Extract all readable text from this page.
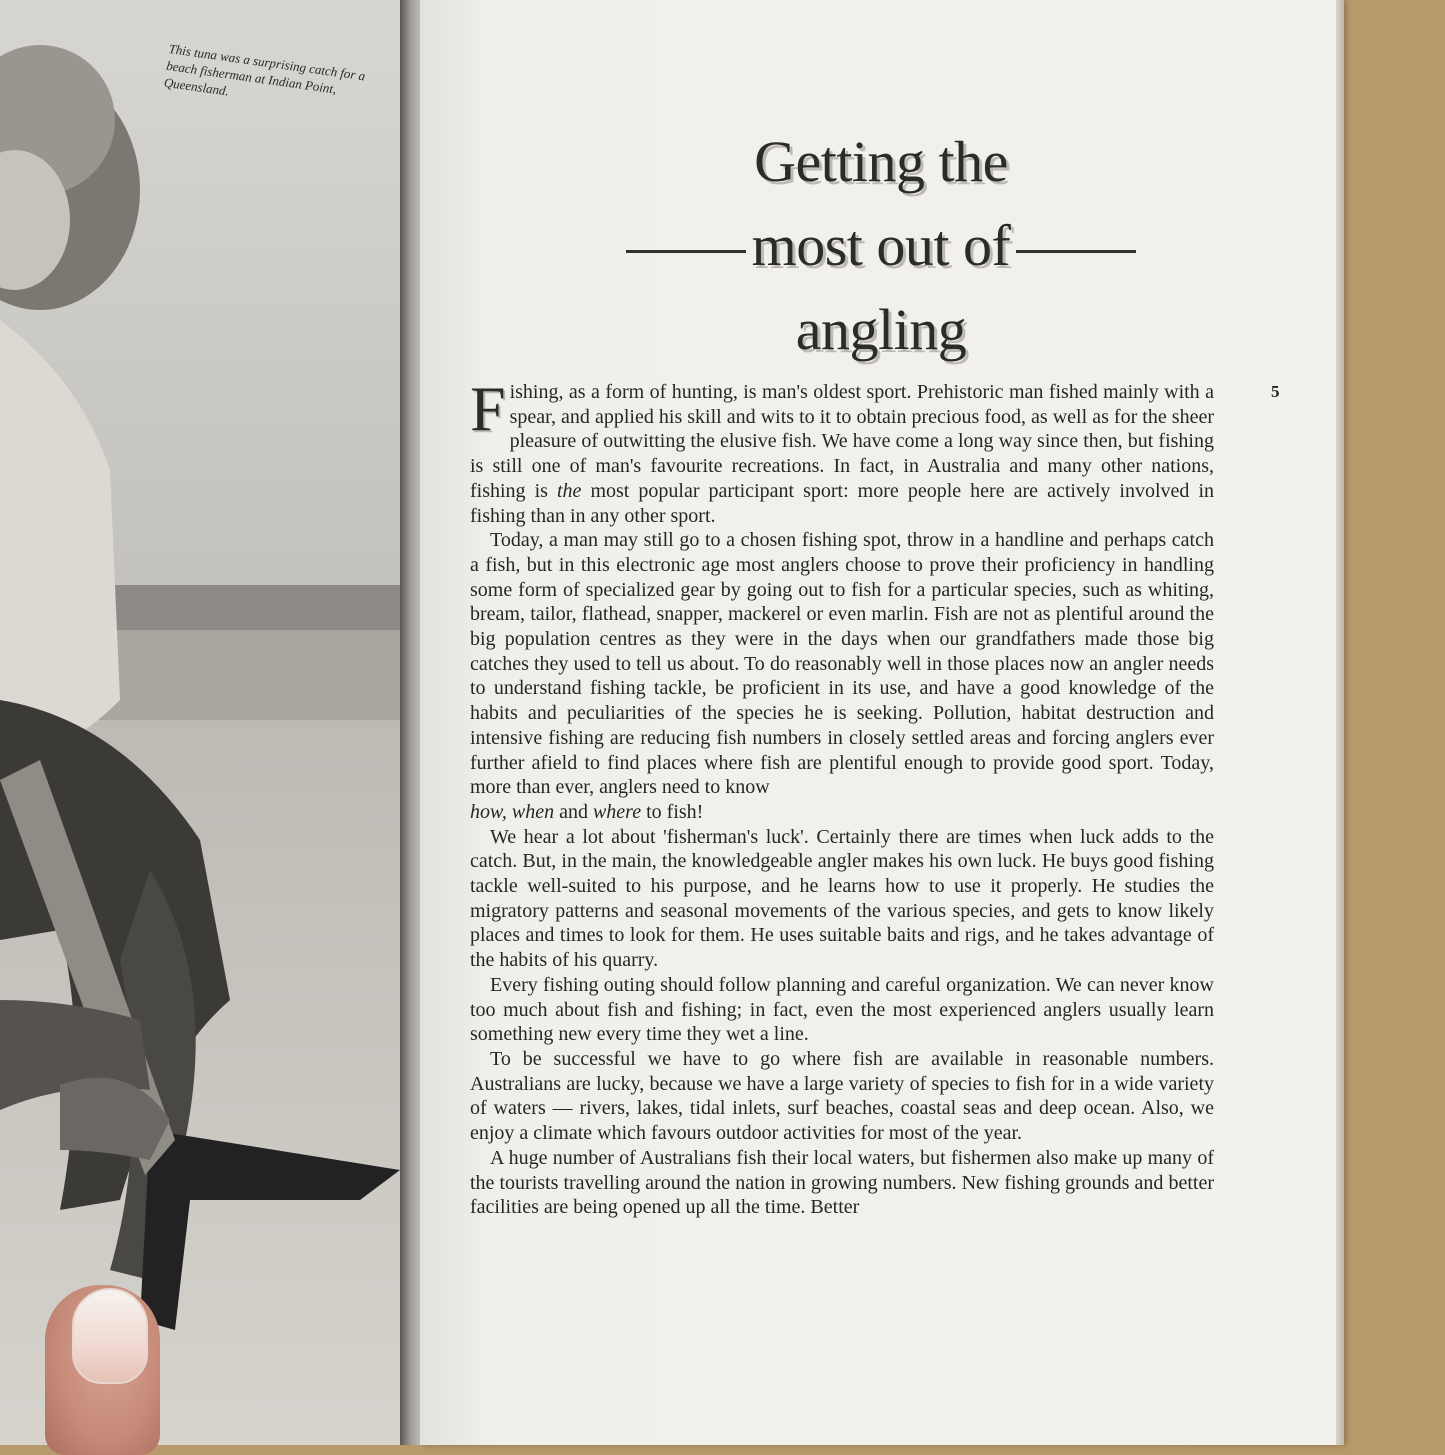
This tuna was a surprising catch for a beach fisherman at Indian Point, Queensland.
Getting the
most out of
angling
5

Fishing, as a form of hunting, is man's oldest sport. Prehistoric man fished mainly with a spear, and applied his skill and wits to it to obtain precious food, as well as for the sheer pleasure of outwitting the elusive fish. We have come a long way since then, but fishing is still one of man's favourite recreations. In fact, in Australia and many other nations, fishing is the most popular participant sport: more people here are actively involved in fishing than in any other sport.

Today, a man may still go to a chosen fishing spot, throw in a handline and perhaps catch a fish, but in this electronic age most anglers choose to prove their proficiency in handling some form of specialized gear by going out to fish for a particular species, such as whiting, bream, tailor, flathead, snapper, mackerel or even marlin. Fish are not as plentiful around the big population centres as they were in the days when our grandfathers made those big catches they used to tell us about. To do reasonably well in those places now an angler needs to understand fishing tackle, be proficient in its use, and have a good knowledge of the habits and peculiarities of the species he is seeking. Pollution, habitat destruction and intensive fishing are reducing fish numbers in closely settled areas and forcing anglers ever further afield to find places where fish are plentiful enough to provide good sport. Today, more than ever, anglers need to know
how, when and where to fish!

We hear a lot about 'fisherman's luck'. Certainly there are times when luck adds to the catch. But, in the main, the knowledgeable angler makes his own luck. He buys good fishing tackle well-suited to his purpose, and he learns how to use it properly. He studies the migratory patterns and seasonal movements of the various species, and gets to know likely places and times to look for them. He uses suitable baits and rigs, and he takes advantage of the habits of his quarry.

Every fishing outing should follow planning and careful organization. We can never know too much about fish and fishing; in fact, even the most experienced anglers usually learn something new every time they wet a line.

To be successful we have to go where fish are available in reasonable numbers. Australians are lucky, because we have a large variety of species to fish for in a wide variety of waters — rivers, lakes, tidal inlets, surf beaches, coastal seas and deep ocean. Also, we enjoy a climate which favours outdoor activities for most of the year.

A huge number of Australians fish their local waters, but fishermen also make up many of the tourists travelling around the nation in growing numbers. New fishing grounds and better facilities are being opened up all the time. Better
